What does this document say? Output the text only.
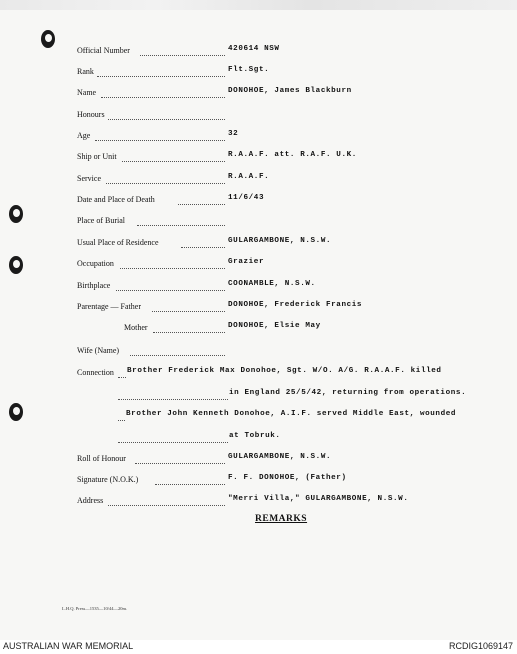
Official Number	420614 NSW
Rank	Flt.Sgt.
Name	DONOHOE, James Blackburn
Honours
Age	32
Ship or Unit	R.A.A.F. att. R.A.F. U.K.
Service	R.A.A.F.
Date and Place of Death	11/6/43
Place of Burial
Usual Place of Residence	GULARGAMBONE, N.S.W.
Occupation	Grazier
Birthplace	COONAMBLE, N.S.W.
Parentage — Father	DONOHOE, Frederick Francis
Mother	DONOHOE, Elsie May
Wife (Name)
Connection Brother Frederick Max Donohoe, Sgt. W/O. A/G. R.A.A.F. killed
in England 25/5/42, returning from operations.
Brother John Kenneth Donohoe, A.I.F. served Middle East, wounded
at Tobruk.
Roll of Honour	GULARGAMBONE, N.S.W.
Signature (N.O.K.)	F. F. DONOHOE, (Father)
Address	"Merri Villa," GULARGAMBONE, N.S.W.
REMARKS
L.H.Q. Press—1535—10/44—20m.
AUSTRALIAN WAR MEMORIAL	RCDIG1069147
